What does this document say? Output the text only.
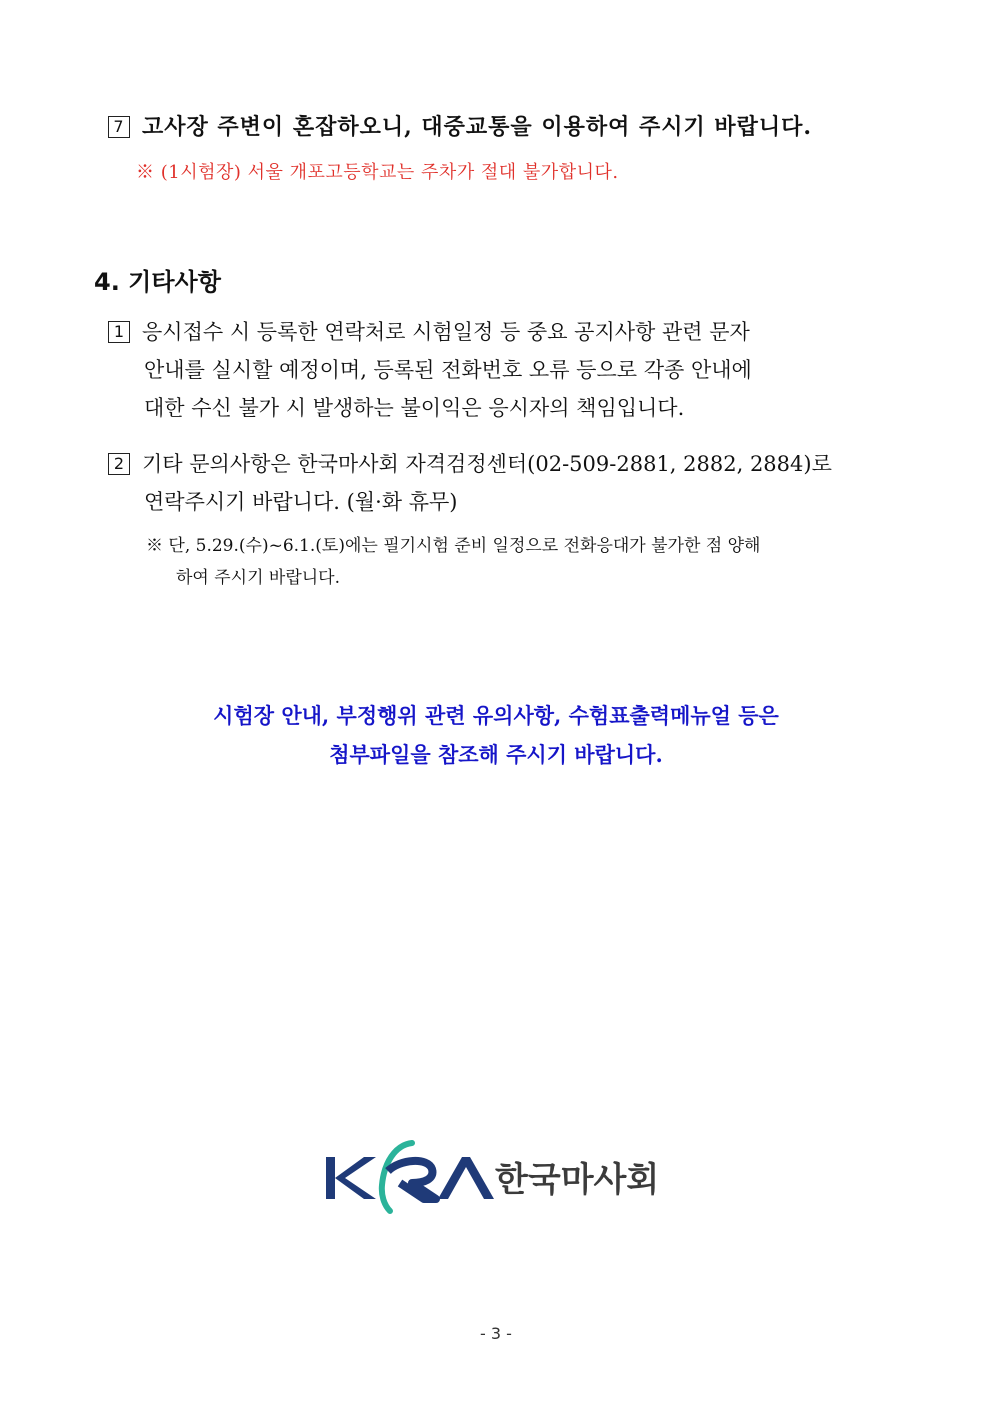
7 고사장 주변이 혼잡하오니, 대중교통을 이용하여 주시기 바랍니다.
※ (1시험장) 서울 개포고등학교는 주차가 절대 불가합니다.
4. 기타사항
1 응시접수 시 등록한 연락처로 시험일정 등 중요 공지사항 관련 문자
안내를 실시할 예정이며, 등록된 전화번호 오류 등으로 각종 안내에
대한 수신 불가 시 발생하는 불이익은 응시자의 책임입니다.
2 기타 문의사항은 한국마사회 자격검정센터(02-509-2881, 2882, 2884)로
연락주시기 바랍니다. (월·화 휴무)
※ 단, 5.29.(수)~6.1.(토)에는 필기시험 준비 일정으로 전화응대가 불가한 점 양해
하여 주시기 바랍니다.
시험장 안내, 부정행위 관련 유의사항, 수험표출력메뉴얼 등은
첨부파일을 참조해 주시기 바랍니다.
한국마사회
- 3 -
